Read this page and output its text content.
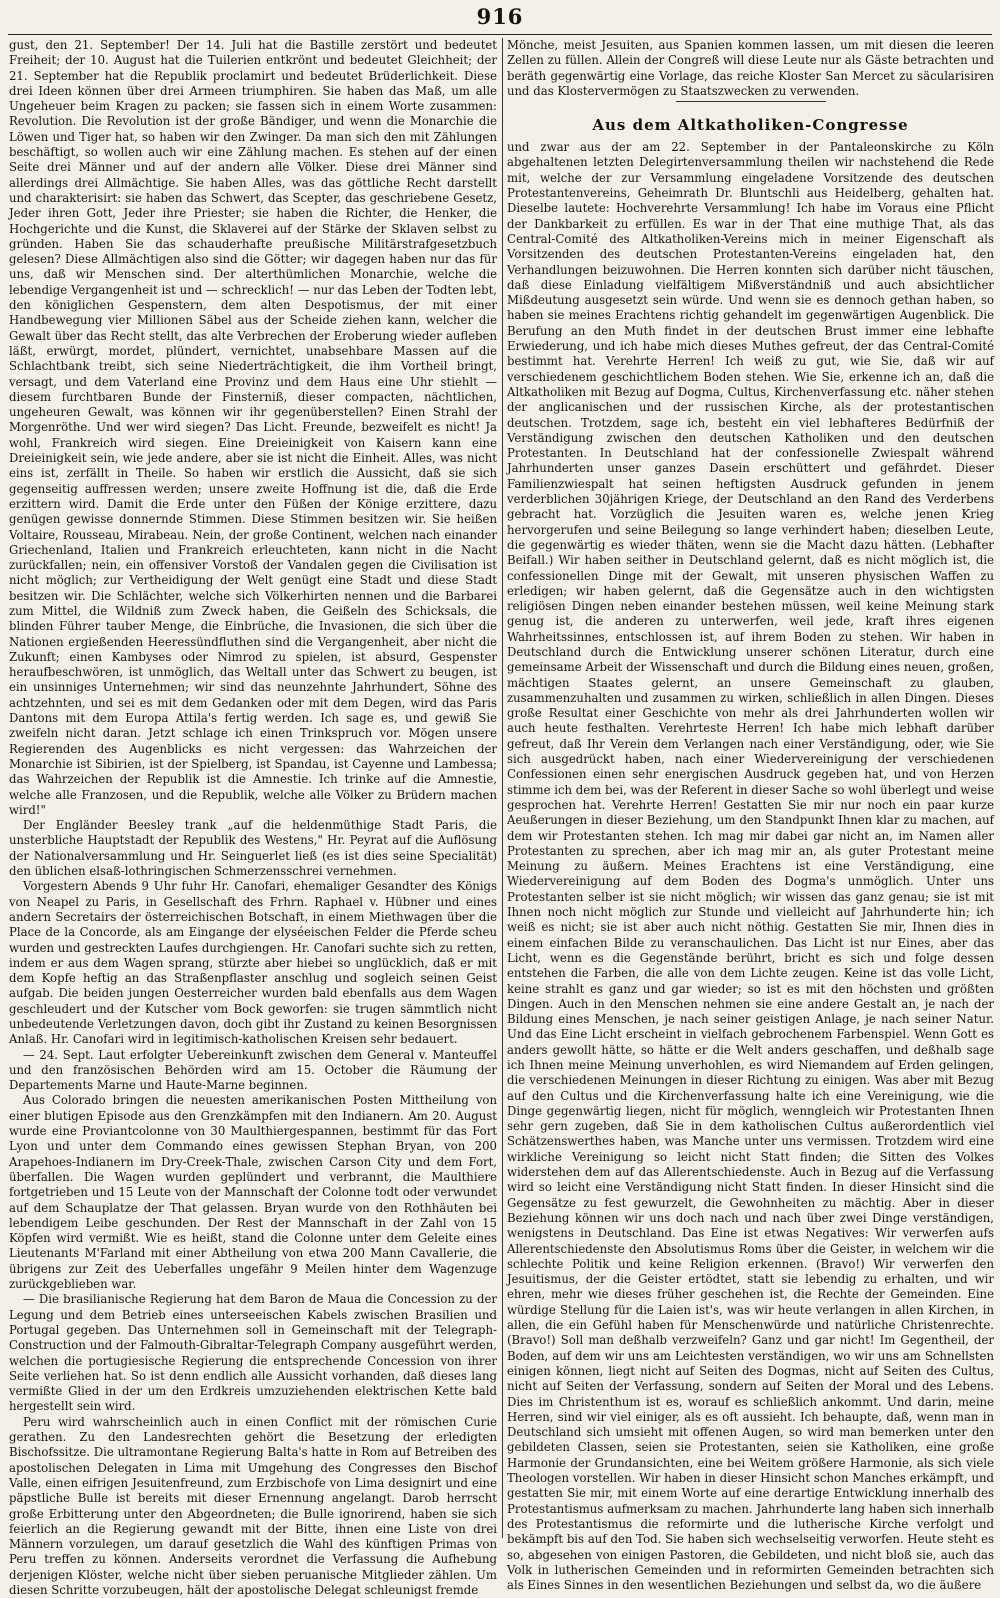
916

gust, den 21. September! Der 14. Juli hat die Bastille zerstört und bedeutet Freiheit; der 10. August hat die Tuilerien entkrönt und bedeutet Gleichheit; der 21. September hat die Republik proclamirt und bedeutet Brüderlichkeit. Diese drei Ideen können über drei Armeen triumphiren. Sie haben das Maß, um alle Ungeheuer beim Kragen zu packen; sie fassen sich in einem Worte zusammen: Revolution. Die Revolution ist der große Bändiger, und wenn die Monarchie die Löwen und Tiger hat, so haben wir den Zwinger. Da man sich den mit Zählungen beschäftigt, so wollen auch wir eine Zählung machen. Es stehen auf der einen Seite drei Männer und auf der andern alle Völker. Diese drei Männer sind allerdings drei Allmächtige. Sie haben Alles, was das göttliche Recht darstellt und charakterisirt: sie haben das Schwert, das Scepter, das geschriebene Gesetz, Jeder ihren Gott, Jeder ihre Priester; sie haben die Richter, die Henker, die Hochgerichte und die Kunst, die Sklaverei auf der Stärke der Sklaven selbst zu gründen. Haben Sie das schauderhafte preußische Militärstrafgesetzbuch gelesen? Diese Allmächtigen also sind die Götter; wir dagegen haben nur das für uns, daß wir Menschen sind. Der alterthümlichen Monarchie, welche die lebendige Vergangenheit ist und — schrecklich! — nur das Leben der Todten lebt, den königlichen Gespenstern, dem alten Despotismus, der mit einer Handbewegung vier Millionen Säbel aus der Scheide ziehen kann, welcher die Gewalt über das Recht stellt, das alte Verbrechen der Eroberung wieder aufleben läßt, erwürgt, mordet, plündert, vernichtet, unabsehbare Massen auf die Schlachtbank treibt, sich seine Niederträchtigkeit, die ihm Vortheil bringt, versagt, und dem Vaterland eine Provinz und dem Haus eine Uhr stiehlt — diesem furchtbaren Bunde der Finsterniß, dieser compacten, nächtlichen, ungeheuren Gewalt, was können wir ihr gegenüberstellen? Einen Strahl der Morgenröthe. Und wer wird siegen? Das Licht. Freunde, bezweifelt es nicht! Ja wohl, Frankreich wird siegen. Eine Dreieinigkeit von Kaisern kann eine Dreieinigkeit sein, wie jede andere, aber sie ist nicht die Einheit. Alles, was nicht eins ist, zerfällt in Theile. So haben wir erstlich die Aussicht, daß sie sich gegenseitig auffressen werden; unsere zweite Hoffnung ist die, daß die Erde erzittern wird. Damit die Erde unter den Füßen der Könige erzittere, dazu genügen gewisse donnernde Stimmen. Diese Stimmen besitzen wir. Sie heißen Voltaire, Rousseau, Mirabeau. Nein, der große Continent, welchen nach einander Griechenland, Italien und Frankreich erleuchteten, kann nicht in die Nacht zurückfallen; nein, ein offensiver Vorstoß der Vandalen gegen die Civilisation ist nicht möglich; zur Vertheidigung der Welt genügt eine Stadt und diese Stadt besitzen wir. Die Schlächter, welche sich Völkerhirten nennen und die Barbarei zum Mittel, die Wildniß zum Zweck haben, die Geißeln des Schicksals, die blinden Führer tauber Menge, die Einbrüche, die Invasionen, die sich über die Nationen ergießenden Heeressündfluthen sind die Vergangenheit, aber nicht die Zukunft; einen Kambyses oder Nimrod zu spielen, ist absurd, Gespenster heraufbeschwören, ist unmöglich, das Weltall unter das Schwert zu beugen, ist ein unsinniges Unternehmen; wir sind das neunzehnte Jahrhundert, Söhne des achtzehnten, und sei es mit dem Gedanken oder mit dem Degen, wird das Paris Dantons mit dem Europa Attila's fertig werden. Ich sage es, und gewiß Sie zweifeln nicht daran. Jetzt schlage ich einen Trinkspruch vor. Mögen unsere Regierenden des Augenblicks es nicht vergessen: das Wahrzeichen der Monarchie ist Sibirien, ist der Spielberg, ist Spandau, ist Cayenne und Lambessa; das Wahrzeichen der Republik ist die Amnestie. Ich trinke auf die Amnestie, welche alle Franzosen, und die Republik, welche alle Völker zu Brüdern machen wird!"

Der Engländer Beesley trank „auf die heldenmüthige Stadt Paris, die unsterbliche Hauptstadt der Republik des Westens," Hr. Peyrat auf die Auflösung der Nationalversammlung und Hr. Seinguerlet ließ (es ist dies seine Specialität) den üblichen elsaß-lothringischen Schmerzensschrei vernehmen.

Vorgestern Abends 9 Uhr fuhr Hr. Canofari, ehemaliger Gesandter des Königs von Neapel zu Paris, in Gesellschaft des Frhrn. Raphael v. Hübner und eines andern Secretairs der österreichischen Botschaft, in einem Miethwagen über die Place de la Concorde, als am Eingange der elyséeischen Felder die Pferde scheu wurden und gestreckten Laufes durchgiengen. Hr. Canofari suchte sich zu retten, indem er aus dem Wagen sprang, stürzte aber hiebei so unglücklich, daß er mit dem Kopfe heftig an das Straßenpflaster anschlug und sogleich seinen Geist aufgab. Die beiden jungen Oesterreicher wurden bald ebenfalls aus dem Wagen geschleudert und der Kutscher vom Bock geworfen: sie trugen sämmtlich nicht unbedeutende Verletzungen davon, doch gibt ihr Zustand zu keinen Besorgnissen Anlaß. Hr. Canofari wird in legitimisch-katholischen Kreisen sehr bedauert.

— 24. Sept. Laut erfolgter Uebereinkunft zwischen dem General v. Manteuffel und den französischen Behörden wird am 15. October die Räumung der Departements Marne und Haute-Marne beginnen.

Aus Colorado bringen die neuesten amerikanischen Posten Mittheilung von einer blutigen Episode aus den Grenzkämpfen mit den Indianern. Am 20. August wurde eine Proviantcolonne von 30 Maulthiergespannen, bestimmt für das Fort Lyon und unter dem Commando eines gewissen Stephan Bryan, von 200 Arapehoes-Indianern im Dry-Creek-Thale, zwischen Carson City und dem Fort, überfallen. Die Wagen wurden geplündert und verbrannt, die Maulthiere fortgetrieben und 15 Leute von der Mannschaft der Colonne todt oder verwundet auf dem Schauplatze der That gelassen. Bryan wurde von den Rothhäuten bei lebendigem Leibe geschunden. Der Rest der Mannschaft in der Zahl von 15 Köpfen wird vermißt. Wie es heißt, stand die Colonne unter dem Geleite eines Lieutenants M'Farland mit einer Abtheilung von etwa 200 Mann Cavallerie, die übrigens zur Zeit des Ueberfalles ungefähr 9 Meilen hinter dem Wagenzuge zurückgeblieben war.

— Die brasilianische Regierung hat dem Baron de Maua die Concession zu der Legung und dem Betrieb eines unterseeischen Kabels zwischen Brasilien und Portugal gegeben. Das Unternehmen soll in Gemeinschaft mit der Telegraph-Construction und der Falmouth-Gibraltar-Telegraph Company ausgeführt werden, welchen die portugiesische Regierung die entsprechende Concession von ihrer Seite verliehen hat. So ist denn endlich alle Aussicht vorhanden, daß dieses lang vermißte Glied in der um den Erdkreis umzuziehenden elektrischen Kette bald hergestellt sein wird.

Peru wird wahrscheinlich auch in einen Conflict mit der römischen Curie gerathen. Zu den Landesrechten gehört die Besetzung der erledigten Bischofssitze. Die ultramontane Regierung Balta's hatte in Rom auf Betreiben des apostolischen Delegaten in Lima mit Umgehung des Congresses den Bischof Valle, einen eifrigen Jesuitenfreund, zum Erzbischofe von Lima designirt und eine päpstliche Bulle ist bereits mit dieser Ernennung angelangt. Darob herrscht große Erbitterung unter den Abgeordneten; die Bulle ignorirend, haben sie sich feierlich an die Regierung gewandt mit der Bitte, ihnen eine Liste von drei Männern vorzulegen, um darauf gesetzlich die Wahl des künftigen Primas von Peru treffen zu können. Anderseits verordnet die Verfassung die Aufhebung derjenigen Klöster, welche nicht über sieben peruanische Mitglieder zählen. Um diesen Schritte vorzubeugen, hält der apostolische Delegat schleunigst fremde

Mönche, meist Jesuiten, aus Spanien kommen lassen, um mit diesen die leeren Zellen zu füllen. Allein der Congreß will diese Leute nur als Gäste betrachten und beräth gegenwärtig eine Vorlage, das reiche Kloster San Mercet zu säcularisiren und das Klostervermögen zu Staatszwecken zu verwenden.

Aus dem Altkatholiken-Congresse

und zwar aus der am 22. September in der Pantaleonskirche zu Köln abgehaltenen letzten Delegirtenversammlung theilen wir nachstehend die Rede mit, welche der zur Versammlung eingeladene Vorsitzende des deutschen Protestantenvereins, Geheimrath Dr. Bluntschli aus Heidelberg, gehalten hat. Dieselbe lautete: Hochverehrte Versammlung! Ich habe im Voraus eine Pflicht der Dankbarkeit zu erfüllen. Es war in der That eine muthige That, als das Central-Comité des Altkatholiken-Vereins mich in meiner Eigenschaft als Vorsitzenden des deutschen Protestanten-Vereins eingeladen hat, den Verhandlungen beizuwohnen. Die Herren konnten sich darüber nicht täuschen, daß diese Einladung vielfältigem Mißverständniß und auch absichtlicher Mißdeutung ausgesetzt sein würde. Und wenn sie es dennoch gethan haben, so haben sie meines Erachtens richtig gehandelt im gegenwärtigen Augenblick. Die Berufung an den Muth findet in der deutschen Brust immer eine lebhafte Erwiederung, und ich habe mich dieses Muthes gefreut, der das Central-Comité bestimmt hat. Verehrte Herren! Ich weiß zu gut, wie Sie, daß wir auf verschiedenem geschichtlichem Boden stehen. Wie Sie, erkenne ich an, daß die Altkatholiken mit Bezug auf Dogma, Cultus, Kirchenverfassung etc. näher stehen der anglicanischen und der russischen Kirche, als der protestantischen deutschen. Trotzdem, sage ich, besteht ein viel lebhafteres Bedürfniß der Verständigung zwischen den deutschen Katholiken und den deutschen Protestanten. In Deutschland hat der confessionelle Zwiespalt während Jahrhunderten unser ganzes Dasein erschüttert und gefährdet. Dieser Familienzwiespalt hat seinen heftigsten Ausdruck gefunden in jenem verderblichen 30jährigen Kriege, der Deutschland an den Rand des Verderbens gebracht hat. Vorzüglich die Jesuiten waren es, welche jenen Krieg hervorgerufen und seine Beilegung so lange verhindert haben; dieselben Leute, die gegenwärtig es wieder thäten, wenn sie die Macht dazu hätten. (Lebhafter Beifall.) Wir haben seither in Deutschland gelernt, daß es nicht möglich ist, die confessionellen Dinge mit der Gewalt, mit unseren physischen Waffen zu erledigen; wir haben gelernt, daß die Gegensätze auch in den wichtigsten religiösen Dingen neben einander bestehen müssen, weil keine Meinung stark genug ist, die anderen zu unterwerfen, weil jede, kraft ihres eigenen Wahrheitssinnes, entschlossen ist, auf ihrem Boden zu stehen. Wir haben in Deutschland durch die Entwicklung unserer schönen Literatur, durch eine gemeinsame Arbeit der Wissenschaft und durch die Bildung eines neuen, großen, mächtigen Staates gelernt, an unsere Gemeinschaft zu glauben, zusammenzuhalten und zusammen zu wirken, schließlich in allen Dingen. Dieses große Resultat einer Geschichte von mehr als drei Jahrhunderten wollen wir auch heute festhalten. Verehrteste Herren! Ich habe mich lebhaft darüber gefreut, daß Ihr Verein dem Verlangen nach einer Verständigung, oder, wie Sie sich ausgedrückt haben, nach einer Wiedervereinigung der verschiedenen Confessionen einen sehr energischen Ausdruck gegeben hat, und von Herzen stimme ich dem bei, was der Referent in dieser Sache so wohl überlegt und weise gesprochen hat. Verehrte Herren! Gestatten Sie mir nur noch ein paar kurze Aeußerungen in dieser Beziehung, um den Standpunkt Ihnen klar zu machen, auf dem wir Protestanten stehen. Ich mag mir dabei gar nicht an, im Namen aller Protestanten zu sprechen, aber ich mag mir an, als guter Protestant meine Meinung zu äußern. Meines Erachtens ist eine Verständigung, eine Wiedervereinigung auf dem Boden des Dogma's unmöglich. Unter uns Protestanten selber ist sie nicht möglich; wir wissen das ganz genau; sie ist mit Ihnen noch nicht möglich zur Stunde und vielleicht auf Jahrhunderte hin; ich weiß es nicht; sie ist aber auch nicht nöthig. Gestatten Sie mir, Ihnen dies in einem einfachen Bilde zu veranschaulichen. Das Licht ist nur Eines, aber das Licht, wenn es die Gegenstände berührt, bricht es sich und folge dessen entstehen die Farben, die alle von dem Lichte zeugen. Keine ist das volle Licht, keine strahlt es ganz und gar wieder; so ist es mit den höchsten und größten Dingen. Auch in den Menschen nehmen sie eine andere Gestalt an, je nach der Bildung eines Menschen, je nach seiner geistigen Anlage, je nach seiner Natur. Und das Eine Licht erscheint in vielfach gebrochenem Farbenspiel. Wenn Gott es anders gewollt hätte, so hätte er die Welt anders geschaffen, und deßhalb sage ich Ihnen meine Meinung unverhohlen, es wird Niemandem auf Erden gelingen, die verschiedenen Meinungen in dieser Richtung zu einigen. Was aber mit Bezug auf den Cultus und die Kirchenverfassung halte ich eine Vereinigung, wie die Dinge gegenwärtig liegen, nicht für möglich, wenngleich wir Protestanten Ihnen sehr gern zugeben, daß Sie in dem katholischen Cultus außerordentlich viel Schätzenswerthes haben, was Manche unter uns vermissen. Trotzdem wird eine wirkliche Vereinigung so leicht nicht Statt finden; die Sitten des Volkes widerstehen dem auf das Allerentschiedenste. Auch in Bezug auf die Verfassung wird so leicht eine Verständigung nicht Statt finden. In dieser Hinsicht sind die Gegensätze zu fest gewurzelt, die Gewohnheiten zu mächtig. Aber in dieser Beziehung können wir uns doch nach und nach über zwei Dinge verständigen, wenigstens in Deutschland. Das Eine ist etwas Negatives: Wir verwerfen aufs Allerentschiedenste den Absolutismus Roms über die Geister, in welchem wir die schlechte Politik und keine Religion erkennen. (Bravo!) Wir verwerfen den Jesuitismus, der die Geister ertödtet, statt sie lebendig zu erhalten, und wir ehren, mehr wie dieses früher geschehen ist, die Rechte der Gemeinden. Eine würdige Stellung für die Laien ist's, was wir heute verlangen in allen Kirchen, in allen, die ein Gefühl haben für Menschenwürde und natürliche Christenrechte. (Bravo!) Soll man deßhalb verzweifeln? Ganz und gar nicht! Im Gegentheil, der Boden, auf dem wir uns am Leichtesten verständigen, wo wir uns am Schnellsten einigen können, liegt nicht auf Seiten des Dogmas, nicht auf Seiten des Cultus, nicht auf Seiten der Verfassung, sondern auf Seiten der Moral und des Lebens. Dies im Christenthum ist es, worauf es schließlich ankommt. Und darin, meine Herren, sind wir viel einiger, als es oft aussieht. Ich behaupte, daß, wenn man in Deutschland sich umsieht mit offenen Augen, so wird man bemerken unter den gebildeten Classen, seien sie Protestanten, seien sie Katholiken, eine große Harmonie der Grundansichten, eine bei Weitem größere Harmonie, als sich viele Theologen vorstellen. Wir haben in dieser Hinsicht schon Manches erkämpft, und gestatten Sie mir, mit einem Worte auf eine derartige Entwicklung innerhalb des Protestantismus aufmerksam zu machen. Jahrhunderte lang haben sich innerhalb des Protestantismus die reformirte und die lutherische Kirche verfolgt und bekämpft bis auf den Tod. Sie haben sich wechselseitig verworfen. Heute steht es so, abgesehen von einigen Pastoren, die Gebildeten, und nicht bloß sie, auch das Volk in lutherischen Gemeinden und in reformirten Gemeinden betrachten sich als Eines Sinnes in den wesentlichen Beziehungen und selbst da, wo die äußere
